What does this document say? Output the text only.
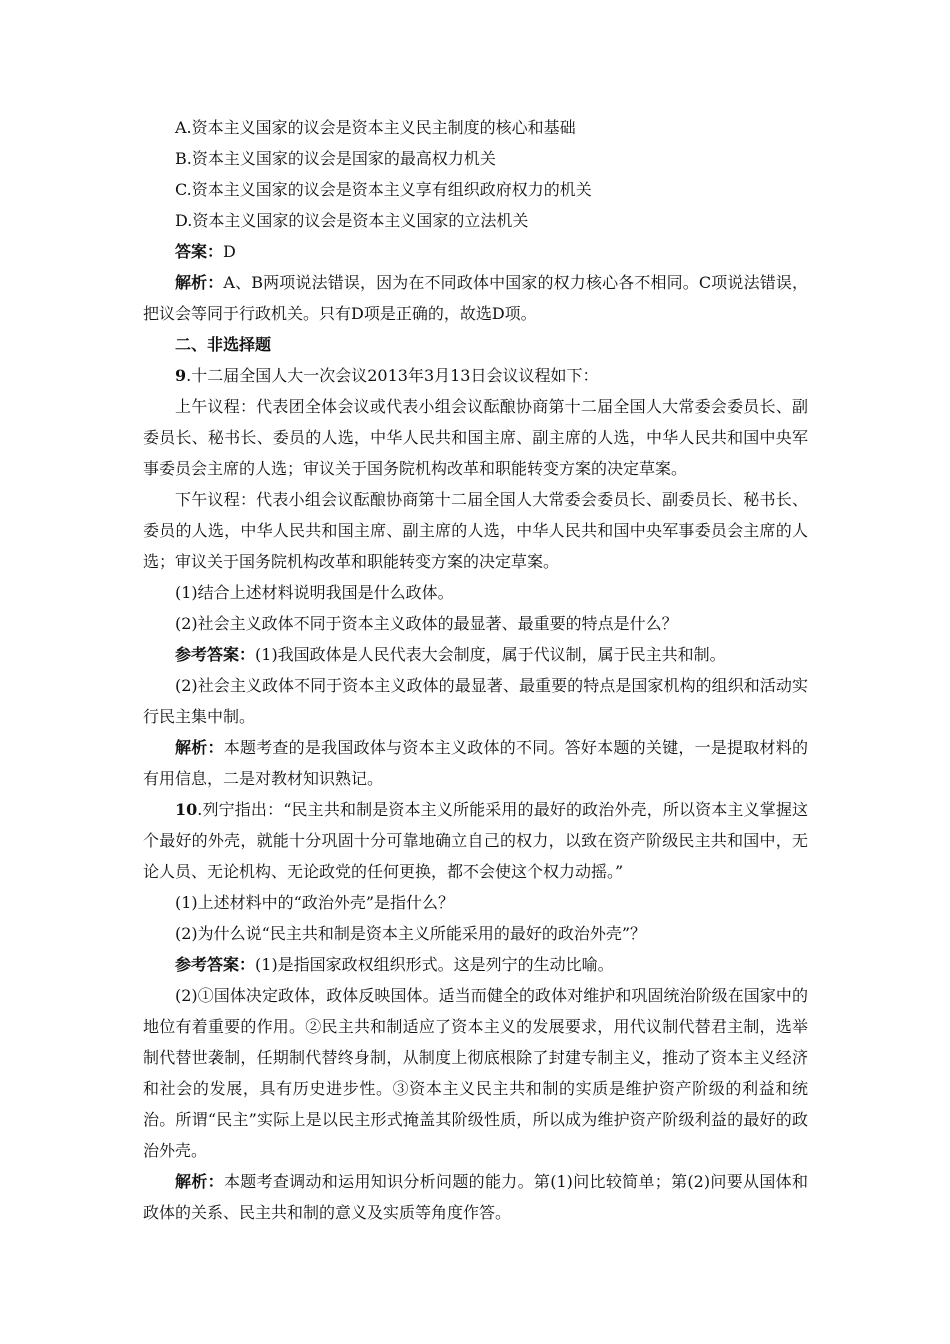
A.资本主义国家的议会是资本主义民主制度的核心和基础

B.资本主义国家的议会是国家的最高权力机关

C.资本主义国家的议会是资本主义享有组织政府权力的机关

D.资本主义国家的议会是资本主义国家的立法机关

答案：D

解析：A、B两项说法错误，因为在不同政体中国家的权力核心各不相同。C项说法错误，把议会等同于行政机关。只有D项是正确的，故选D项。

二、非选择题

9.十二届全国人大一次会议2013年3月13日会议议程如下：

上午议程：代表团全体会议或代表小组会议酝酿协商第十二届全国人大常委会委员长、副委员长、秘书长、委员的人选，中华人民共和国主席、副主席的人选，中华人民共和国中央军事委员会主席的人选；审议关于国务院机构改革和职能转变方案的决定草案。

下午议程：代表小组会议酝酿协商第十二届全国人大常委会委员长、副委员长、秘书长、委员的人选，中华人民共和国主席、副主席的人选，中华人民共和国中央军事委员会主席的人选；审议关于国务院机构改革和职能转变方案的决定草案。

(1)结合上述材料说明我国是什么政体。

(2)社会主义政体不同于资本主义政体的最显著、最重要的特点是什么？

参考答案：(1)我国政体是人民代表大会制度，属于代议制，属于民主共和制。

(2)社会主义政体不同于资本主义政体的最显著、最重要的特点是国家机构的组织和活动实行民主集中制。

解析：本题考查的是我国政体与资本主义政体的不同。答好本题的关键，一是提取材料的有用信息，二是对教材知识熟记。

10.列宁指出：“民主共和制是资本主义所能采用的最好的政治外壳，所以资本主义掌握这个最好的外壳，就能十分巩固十分可靠地确立自己的权力，以致在资产阶级民主共和国中，无论人员、无论机构、无论政党的任何更换，都不会使这个权力动摇。”

(1)上述材料中的“政治外壳”是指什么？

(2)为什么说“民主共和制是资本主义所能采用的最好的政治外壳”？

参考答案：(1)是指国家政权组织形式。这是列宁的生动比喻。

(2)①国体决定政体，政体反映国体。适当而健全的政体对维护和巩固统治阶级在国家中的地位有着重要的作用。②民主共和制适应了资本主义的发展要求，用代议制代替君主制，选举制代替世袭制，任期制代替终身制，从制度上彻底根除了封建专制主义，推动了资本主义经济和社会的发展，具有历史进步性。③资本主义民主共和制的实质是维护资产阶级的利益和统治。所谓“民主”实际上是以民主形式掩盖其阶级性质，所以成为维护资产阶级利益的最好的政治外壳。

解析：本题考查调动和运用知识分析问题的能力。第(1)问比较简单；第(2)问要从国体和政体的关系、民主共和制的意义及实质等角度作答。
